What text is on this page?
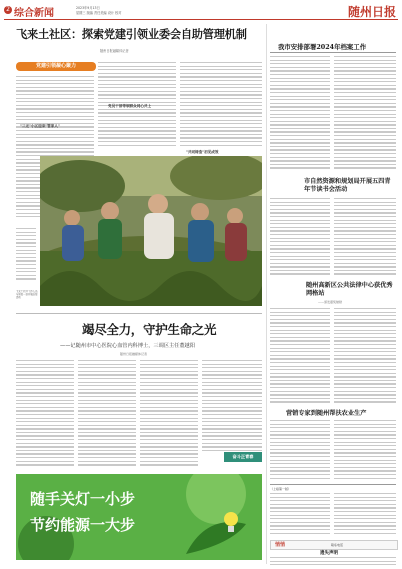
2 综合新闻	2023年9月13日
星期三 版编 责任美编 设计 校对	随州日报
飞来土社区：探索党建引领业委会自助管理机制
随州日报融媒体记者
党建引领凝心聚力
"三无"小区迎来"管家人"
党员干部带领群众同心共上
"共同缔造"初见成效
飞来土社区工作人员与居民一起开展志愿活动
竭尽全力，守护生命之光
——记随州市中心医院心血管内科博士，三调区主任董越阳
随州日报融媒体记者
奋斗正青春
随手关灯一小步
节约能源一大步
我市安排部署2024年档案工作
市自然资源和规划局开展五四青年节读书会活动
随州高新区公共法律中心获优秀网格站
——颁发嘉奖勉励
营销专家到随州帮扶农业生产
（上接第一版）
悄悄	联系电话
遗失声明
